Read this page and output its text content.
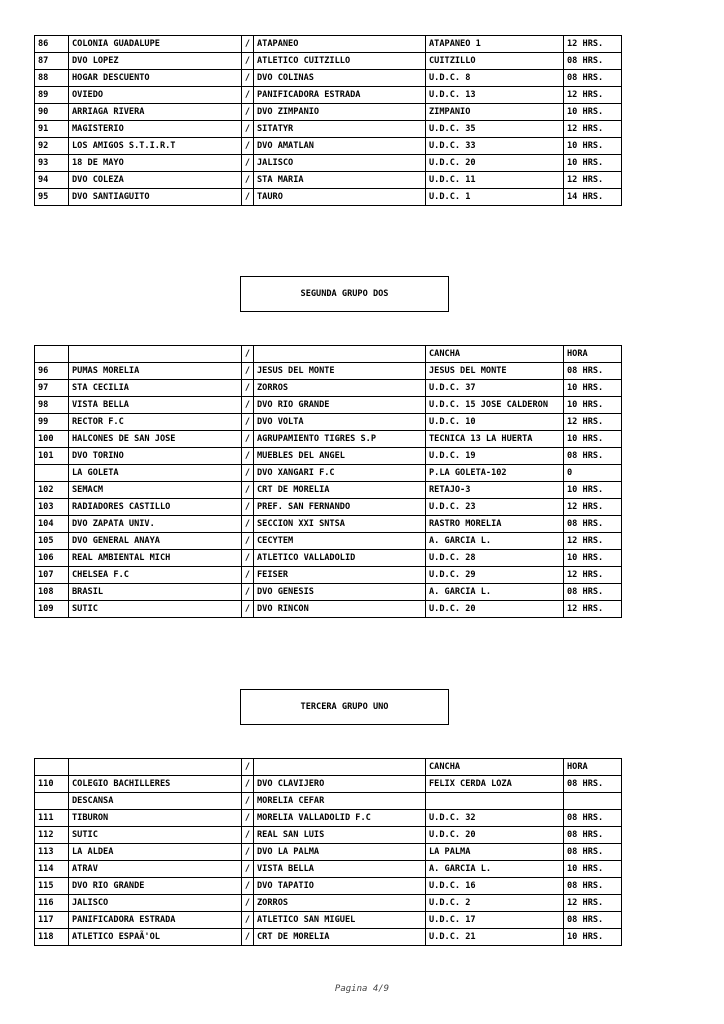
86	COLONIA GUADALUPE	/	ATAPANEO	ATAPANEO 1	12 HRS.
87	DVO LOPEZ	/	ATLETICO CUITZILLO	CUITZILLO	08 HRS.
88	HOGAR DESCUENTO	/	DVO COLINAS	U.D.C. 8	08 HRS.
89	OVIEDO	/	PANIFICADORA ESTRADA	U.D.C. 13	12 HRS.
90	ARRIAGA RIVERA	/	DVO ZIMPANIO	ZIMPANIO	10 HRS.
91	MAGISTERIO	/	SITATYR	U.D.C. 35	12 HRS.
92	LOS AMIGOS S.T.I.R.T	/	DVO AMATLAN	U.D.C. 33	10 HRS.
93	18 DE MAYO	/	JALISCO	U.D.C. 20	10 HRS.
94	DVO COLEZA	/	STA MARIA	U.D.C. 11	12 HRS.
95	DVO SANTIAGUITO	/	TAURO	U.D.C. 1	14 HRS.
SEGUNDA GRUPO DOS
		/		CANCHA	HORA
96	PUMAS MORELIA	/	JESUS DEL MONTE	JESUS DEL MONTE	08 HRS.
97	STA CECILIA	/	ZORROS	U.D.C. 37	10 HRS.
98	VISTA BELLA	/	DVO RIO GRANDE	U.D.C. 15 JOSE CALDERON	10 HRS.
99	RECTOR F.C	/	DVO VOLTA	U.D.C. 10	12 HRS.
100	HALCONES DE SAN JOSE	/	AGRUPAMIENTO TIGRES S.P	TECNICA 13 LA HUERTA	10 HRS.
101	DVO TORINO	/	MUEBLES DEL ANGEL	U.D.C. 19	08 HRS.
	LA GOLETA	/	DVO XANGARI F.C	P.LA GOLETA-102	0
102	SEMACM	/	CRT DE MORELIA	RETAJO-3	10 HRS.
103	RADIADORES CASTILLO	/	PREF. SAN FERNANDO	U.D.C. 23	12 HRS.
104	DVO ZAPATA UNIV.	/	SECCION XXI SNTSA	RASTRO MORELIA	08 HRS.
105	DVO GENERAL ANAYA	/	CECYTEM	A. GARCIA L.	12 HRS.
106	REAL AMBIENTAL MICH	/	ATLETICO VALLADOLID	U.D.C. 28	10 HRS.
107	CHELSEA F.C	/	FEISER	U.D.C. 29	12 HRS.
108	BRASIL	/	DVO GENESIS	A. GARCIA L.	08 HRS.
109	SUTIC	/	DVO RINCON	U.D.C. 20	12 HRS.
TERCERA GRUPO UNO
		/		CANCHA	HORA
110	COLEGIO BACHILLERES	/	DVO CLAVIJERO	FELIX CERDA LOZA	08 HRS.
	DESCANSA	/	MORELIA CEFAR		
111	TIBURON	/	MORELIA VALLADOLID F.C	U.D.C. 32	08 HRS.
112	SUTIC	/	REAL SAN LUIS	U.D.C. 20	08 HRS.
113	LA ALDEA	/	DVO LA PALMA	LA PALMA	08 HRS.
114	ATRAV	/	VISTA BELLA	A. GARCIA L.	10 HRS.
115	DVO RIO GRANDE	/	DVO TAPATIO	U.D.C. 16	08 HRS.
116	JALISCO	/	ZORROS	U.D.C. 2	12 HRS.
117	PANIFICADORA ESTRADA	/	ATLETICO SAN MIGUEL	U.D.C. 17	08 HRS.
118	ATLETICO ESPAÃ'OL	/	CRT DE MORELIA	U.D.C. 21	10 HRS.
Pagina 4/9
